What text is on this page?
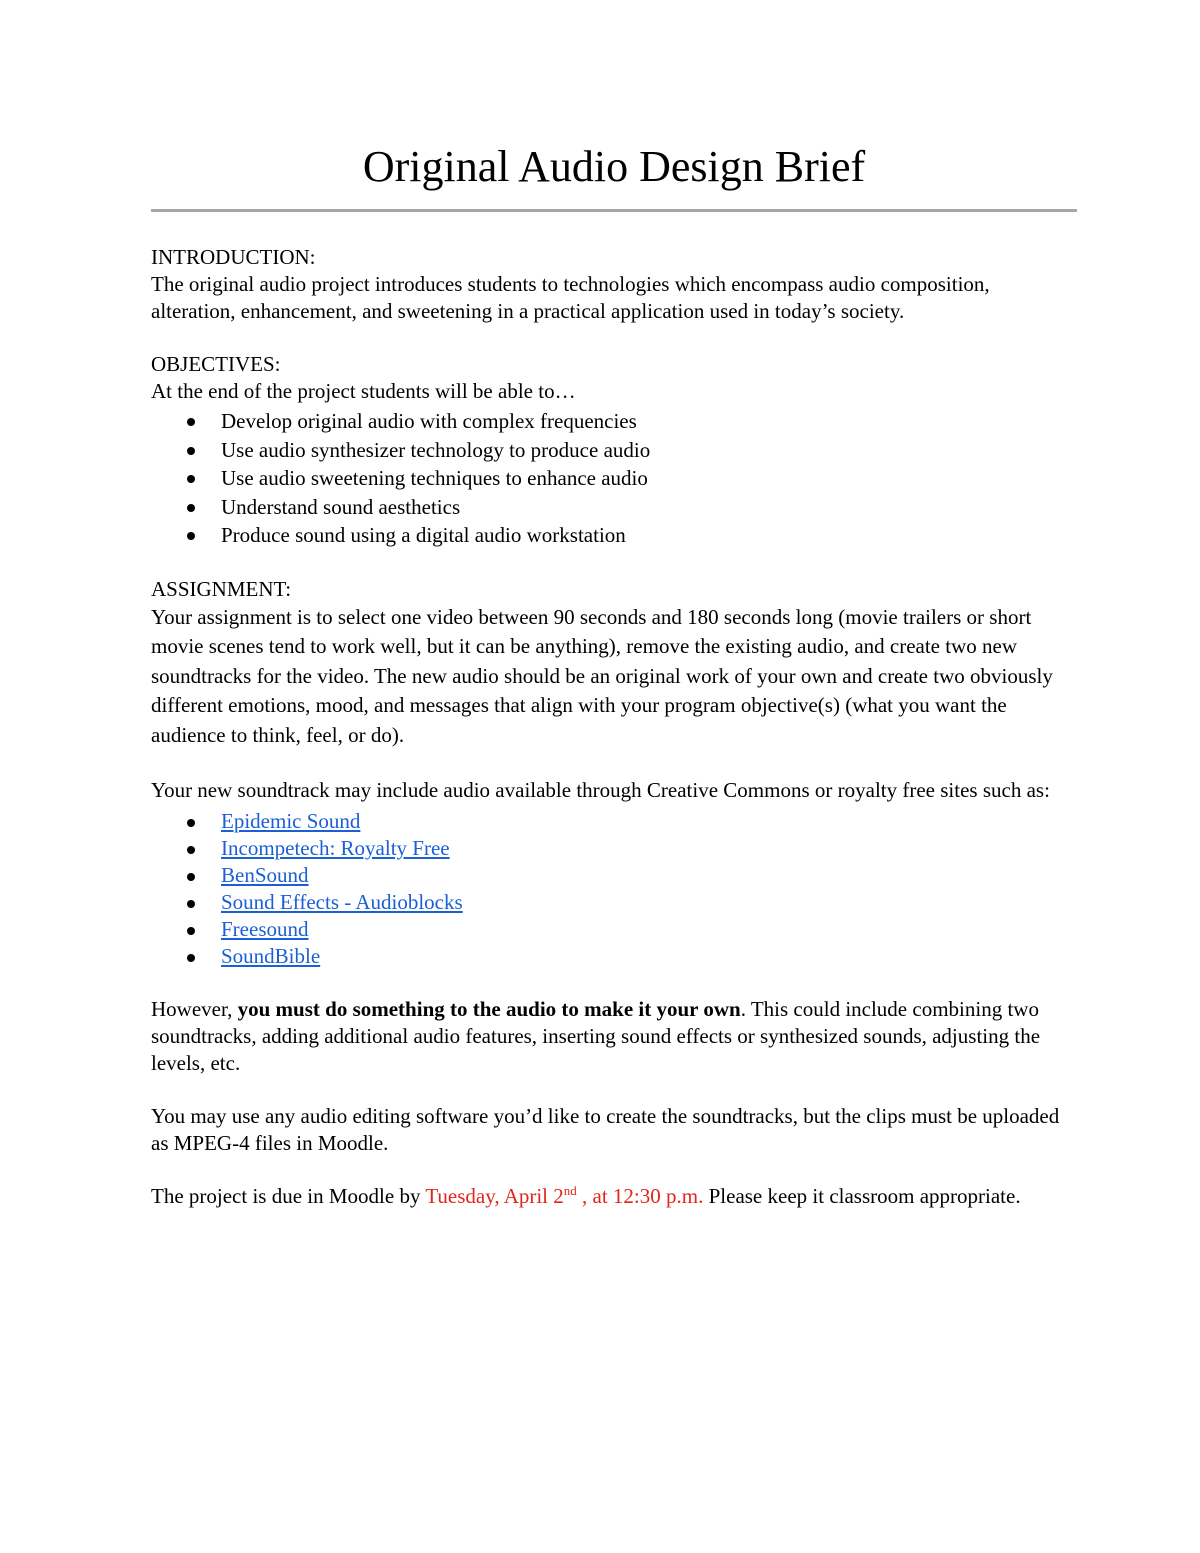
Original Audio Design Brief
INTRODUCTION:

The original audio project introduces students to technologies which encompass audio composition, alteration, enhancement, and sweetening in a practical application used in today’s society.

OBJECTIVES:

At the end of the project students will be able to…

Develop original audio with complex frequencies
Use audio synthesizer technology to produce audio
Use audio sweetening techniques to enhance audio
Understand sound aesthetics
Produce sound using a digital audio workstation
ASSIGNMENT:

Your assignment is to select one video between 90 seconds and 180 seconds long (movie trailers or short movie scenes tend to work well, but it can be anything), remove the existing audio, and create two new soundtracks for the video. The new audio should be an original work of your own and create two obviously different emotions, mood, and messages that align with your program objective(s) (what you want the audience to think, feel, or do).

Your new soundtrack may include audio available through Creative Commons or royalty free sites such as:

Epidemic Sound
Incompetech: Royalty Free
BenSound
Sound Effects - Audioblocks
Freesound
SoundBible

However, you must do something to the audio to make it your own. This could include combining two soundtracks, adding additional audio features, inserting sound effects or synthesized sounds, adjusting the levels, etc.

You may use any audio editing software you’d like to create the soundtracks, but the clips must be uploaded as MPEG-4 files in Moodle.

The project is due in Moodle by Tuesday, April 2nd , at 12:30 p.m. Please keep it classroom appropriate.
